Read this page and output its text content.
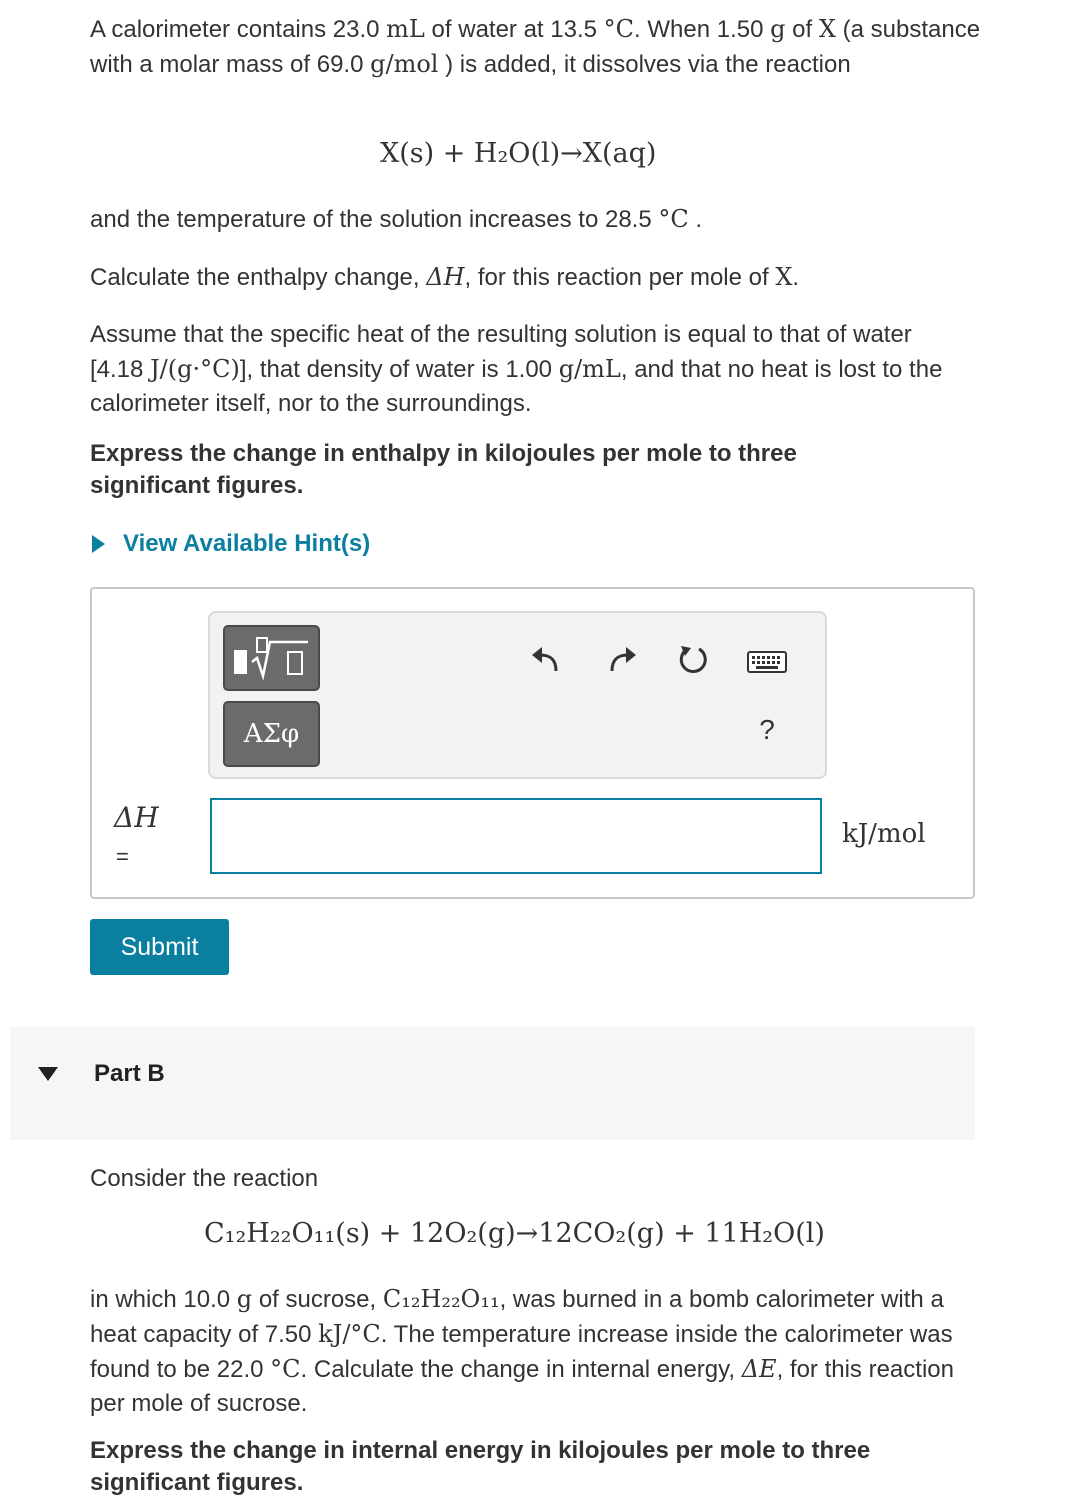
A calorimeter contains 23.0 mL of water at 13.5 °C. When 1.50 g of X (a substance with a molar mass of 69.0 g/mol ) is added, it dissolves via the reaction

X(s) + H₂O(l)→X(aq)

and the temperature of the solution increases to 28.5 °C .

Calculate the enthalpy change, ΔH, for this reaction per mole of X.

Assume that the specific heat of the resulting solution is equal to that of water [4.18 J/(g·°C)], that density of water is 1.00 g/mL, and that no heat is lost to the calorimeter itself, nor to the surroundings.

Express the change in enthalpy in kilojoules per mole to three significant figures.

View Available Hint(s)
ΑΣφ	?
ΔH
=
kJ/mol
Submit
Part B

Consider the reaction

C₁₂H₂₂O₁₁(s) + 12O₂(g)→12CO₂(g) + 11H₂O(l)

in which 10.0 g of sucrose, C₁₂H₂₂O₁₁, was burned in a bomb calorimeter with a heat capacity of 7.50 kJ/°C. The temperature increase inside the calorimeter was found to be 22.0 °C. Calculate the change in internal energy, ΔE, for this reaction per mole of sucrose.

Express the change in internal energy in kilojoules per mole to three significant figures.
